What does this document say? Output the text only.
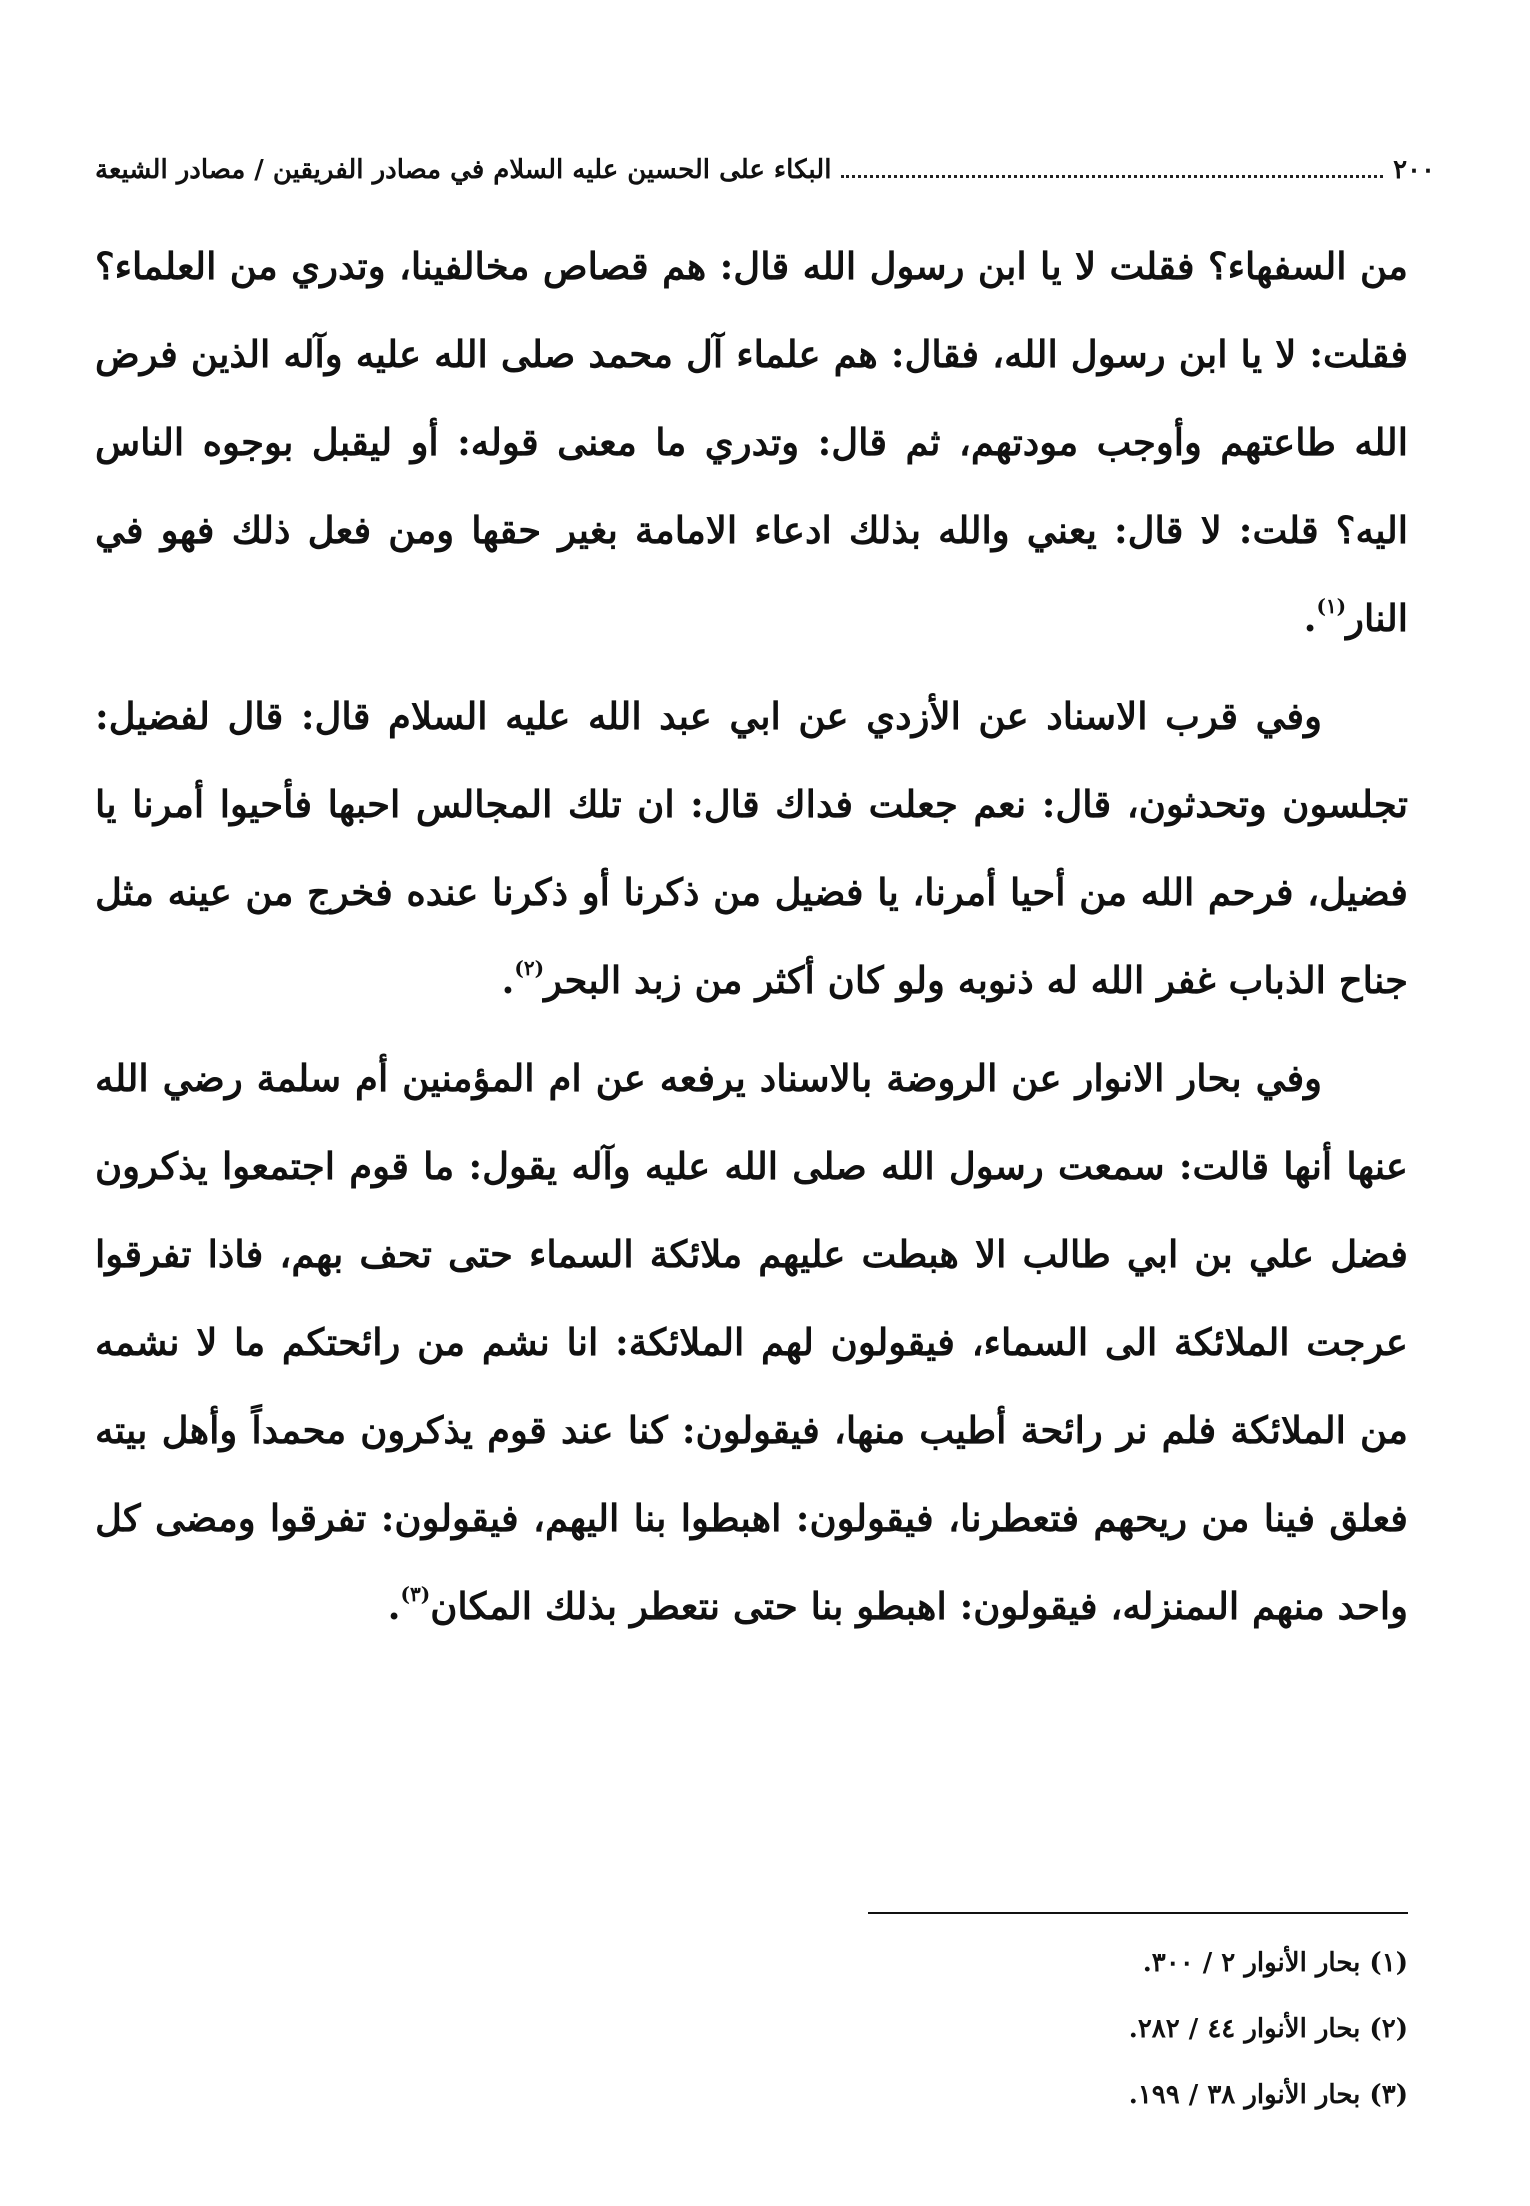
٢٠٠
البكاء على الحسين عليه السلام في مصادر الفريقين / مصادر الشيعة

من السفهاء؟ فقلت لا يا ابن رسول الله قال: هم قصاص مخالفينا، وتدري من العلماء؟ فقلت: لا يا ابن رسول الله، فقال: هم علماء آل محمد صلى الله عليه وآله الذين فرض الله طاعتهم وأوجب مودتهم، ثم قال: وتدري ما معنى قوله: أو ليقبل بوجوه الناس اليه؟ قلت: لا قال: يعني والله بذلك ادعاء الامامة بغير حقها ومن فعل ذلك فهو في النار$^{(١)}$.

وفي قرب الاسناد عن الأزدي عن ابي عبد الله عليه السلام قال: قال لفضيل: تجلسون وتحدثون، قال: نعم جعلت فداك قال: ان تلك المجالس احبها فأحيوا أمرنا يا فضيل، فرحم الله من أحيا أمرنا، يا فضيل من ذكرنا أو ذكرنا عنده فخرج من عينه مثل جناح الذباب غفر الله له ذنوبه ولو كان أكثر من زبد البحر$^{(٢)}$.

وفي بحار الانوار عن الروضة بالاسناد يرفعه عن ام المؤمنين أم سلمة رضي الله عنها أنها قالت: سمعت رسول الله صلى الله عليه وآله يقول: ما قوم اجتمعوا يذكرون فضل علي بن ابي طالب الا هبطت عليهم ملائكة السماء حتى تحف بهم، فاذا تفرقوا عرجت الملائكة الى السماء، فيقولون لهم الملائكة: انا نشم من رائحتكم ما لا نشمه من الملائكة فلم نر رائحة أطيب منها، فيقولون: كنا عند قوم يذكرون محمداً وأهل بيته فعلق فينا من ريحهم فتعطرنا، فيقولون: اهبطوا بنا اليهم، فيقولون: تفرقوا ومضى كل واحد منهم الىمنزله، فيقولون: اهبطو بنا حتى نتعطر بذلك المكان$^{(٣)}$.

(١) بحار الأنوار ٢ / ٣٠٠.
(٢) بحار الأنوار ٤٤ / ٢٨٢.
(٣) بحار الأنوار ٣٨ / ١٩٩.
